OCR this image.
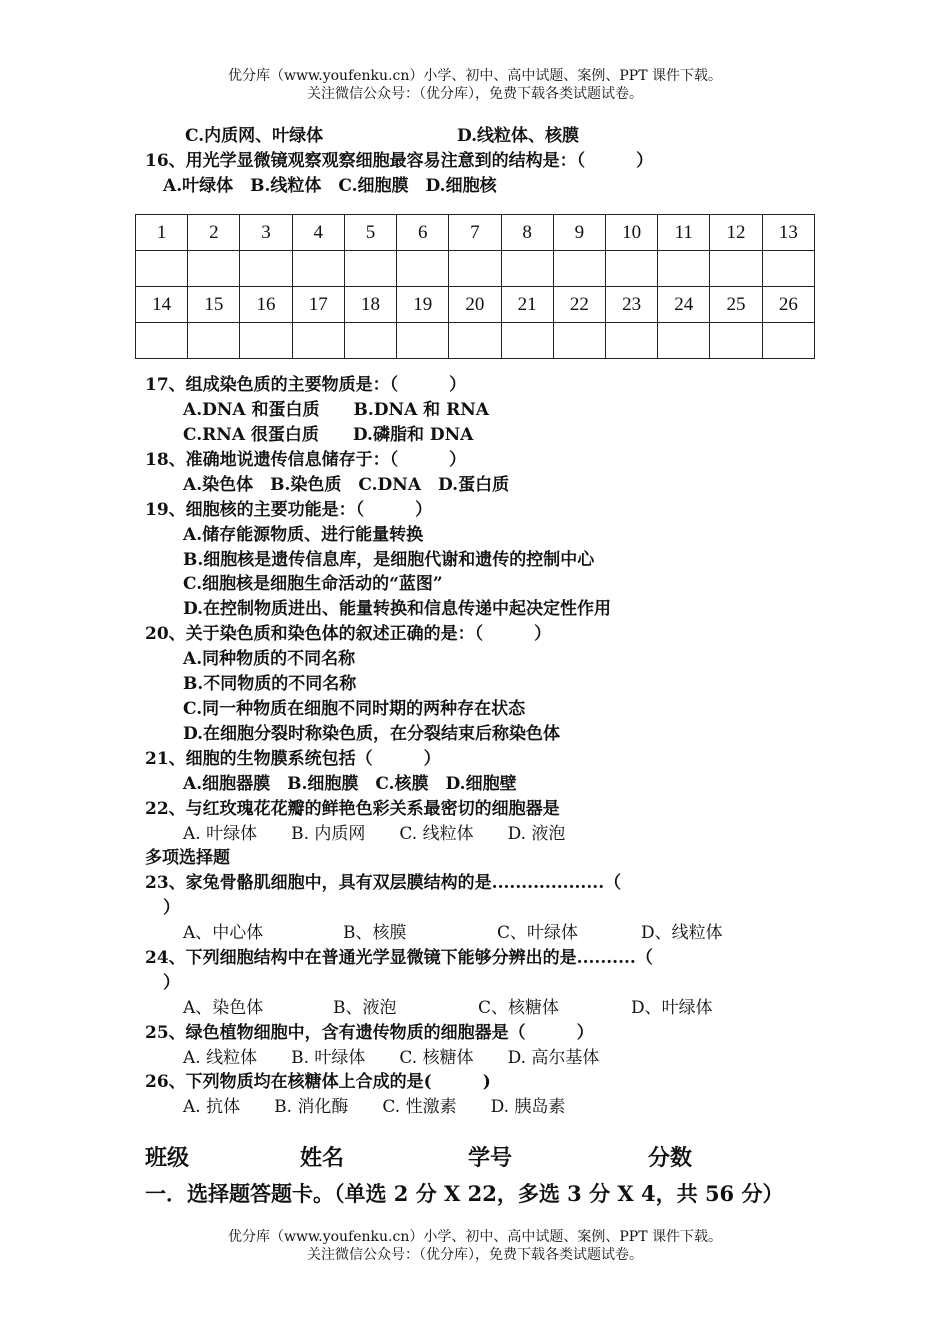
优分库（www.youfenku.cn）小学、初中、高中试题、案例、PPT 课件下载。
关注微信公众号：（优分库），免费下载各类试题试卷。
C.内质网、叶绿体	D.线粒体、核膜
16、用光学显微镜观察观察细胞最容易注意到的结构是：（　　　）
A.叶绿体　B.线粒体　C.细胞膜　D.细胞核
1	2	3	4	5	6	7	8	9	10	11	12	13

14	15	16	17	18	19	20	21	22	23	24	25	26

17、组成染色质的主要物质是：（　　　）
A.DNA 和蛋白质　　B.DNA 和 RNA
C.RNA 很蛋白质　　D.磷脂和 DNA
18、准确地说遗传信息储存于：（　　　）
A.染色体　B.染色质　C.DNA　D.蛋白质
19、细胞核的主要功能是：（　　　）
A.储存能源物质、进行能量转换
B.细胞核是遗传信息库，是细胞代谢和遗传的控制中心
C.细胞核是细胞生命活动的“蓝图”
D.在控制物质进出、能量转换和信息传递中起决定性作用
20、关于染色质和染色体的叙述正确的是：（　　　）
A.同种物质的不同名称
B.不同物质的不同名称
C.同一种物质在细胞不同时期的两种存在状态
D.在细胞分裂时称染色质，在分裂结束后称染色体
21、细胞的生物膜系统包括（　　　）
A.细胞器膜　B.细胞膜　C.核膜　D.细胞壁
22、与红玫瑰花花瓣的鲜艳色彩关系最密切的细胞器是
A. 叶绿体　　B. 内质网　　C. 线粒体　　D. 液泡
多项选择题
23、家兔骨骼肌细胞中，具有双层膜结构的是...................（
）
A、中心体	B、核膜	C、叶绿体	D、线粒体
24、下列细胞结构中在普通光学显微镜下能够分辨出的是..........（
）
A、染色体	B、液泡	C、核糖体	D、叶绿体
25、绿色植物细胞中，含有遗传物质的细胞器是（　　　）
A. 线粒体　　B. 叶绿体　　C. 核糖体　　D. 高尔基体
26、下列物质均在核糖体上合成的是(　　　)
A. 抗体　　B. 消化酶　　C. 性激素　　D. 胰岛素
班级	姓名	学号	分数
一．选择题答题卡。（单选 2 分 X 22，多选 3 分 X 4，共 56 分）
优分库（www.youfenku.cn）小学、初中、高中试题、案例、PPT 课件下载。
关注微信公众号：（优分库），免费下载各类试题试卷。
